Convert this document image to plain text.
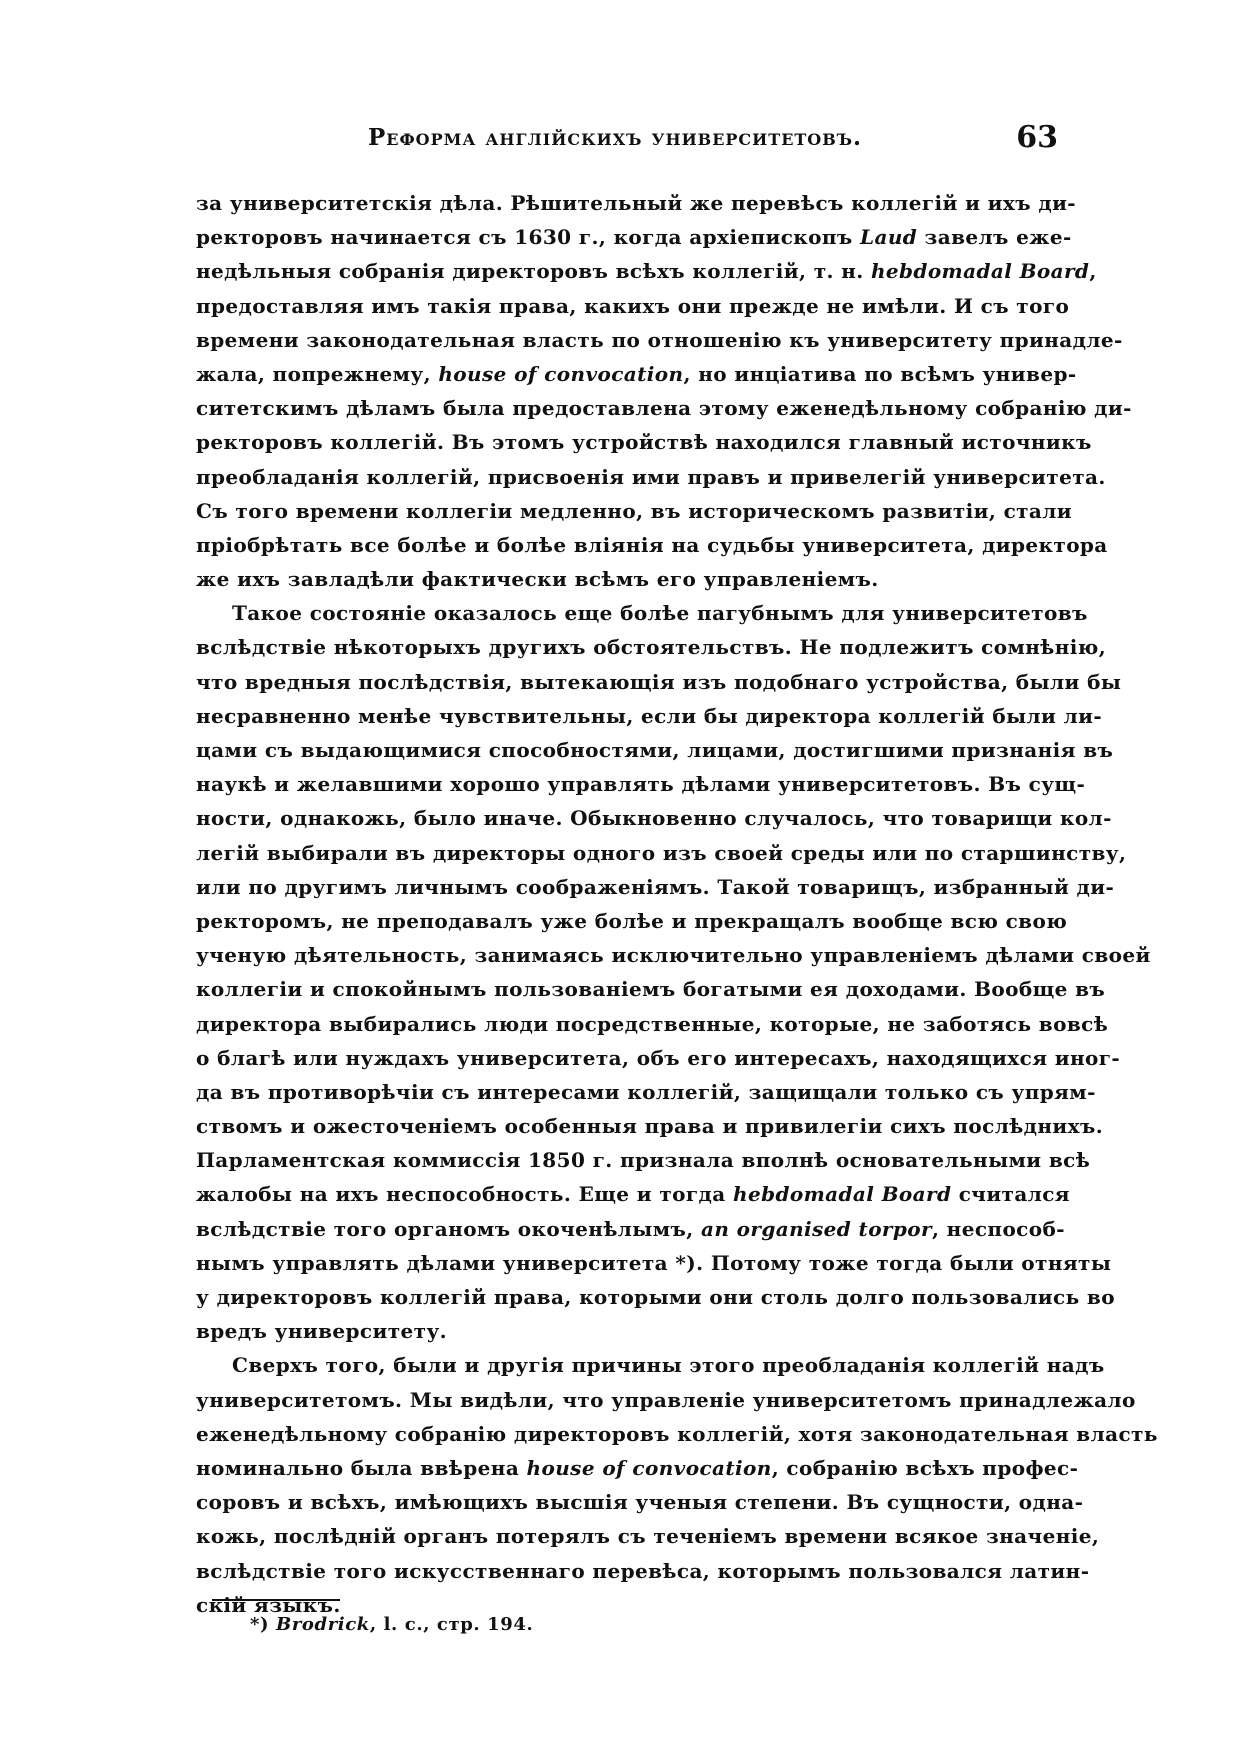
Реформа англійскихъ университетовъ.	63
за университетскія дѣла. Рѣшительный же перевѣсъ коллегій и ихъ ди-
ректоровъ начинается съ 1630 г., когда архіепископъ Laud завелъ еже-
недѣльныя собранія директоровъ всѣхъ коллегій, т. н. hebdomadal Board,
предоставляя имъ такія права, какихъ они прежде не имѣли. И съ того
времени законодательная власть по отношенію къ университету принадле-
жала, попрежнему, house of convocation, но инціатива по всѣмъ универ-
ситетскимъ дѣламъ была предоставлена этому еженедѣльному собранію ди-
ректоровъ коллегій. Въ этомъ устройствѣ находился главный источникъ
преобладанія коллегій, присвоенія ими правъ и привелегій университета.
Съ того времени коллегіи медленно, въ историческомъ развитіи, стали
пріобрѣтать все болѣе и болѣе вліянія на судьбы университета, директора
же ихъ завладѣли фактически всѣмъ его управленіемъ.
Такое состояніе оказалось еще болѣе пагубнымъ для университетовъ
вслѣдствіе нѣкоторыхъ другихъ обстоятельствъ. Не подлежитъ сомнѣнію,
что вредныя послѣдствія, вытекающія изъ подобнаго устройства, были бы
несравненно менѣе чувствительны, если бы директора коллегій были ли-
цами съ выдающимися способностями, лицами, достигшими признанія въ
наукѣ и желавшими хорошо управлять дѣлами университетовъ. Въ сущ-
ности, однакожь, было иначе. Обыкновенно случалось, что товарищи кол-
легій выбирали въ директоры одного изъ своей среды или по старшинству,
или по другимъ личнымъ соображеніямъ. Такой товарищъ, избранный ди-
ректоромъ, не преподавалъ уже болѣе и прекращалъ вообще всю свою
ученую дѣятельность, занимаясь исключительно управленіемъ дѣлами своей
коллегіи и спокойнымъ пользованіемъ богатыми ея доходами. Вообще въ
директора выбирались люди посредственные, которые, не заботясь вовсѣ
о благѣ или нуждахъ университета, объ его интересахъ, находящихся иног-
да въ противорѣчіи съ интересами коллегій, защищали только съ упрям-
ствомъ и ожесточеніемъ особенныя права и привилегіи сихъ послѣднихъ.
Парламентская коммиссія 1850 г. признала вполнѣ основательными всѣ
жалобы на ихъ неспособность. Еще и тогда hebdomadal Board считался
вслѣдствіе того органомъ окоченѣлымъ, an organised torpor, неспособ-
нымъ управлять дѣлами университета *). Потому тоже тогда были отняты
у директоровъ коллегій права, которыми они столь долго пользовались во
вредъ университету.
Сверхъ того, были и другія причины этого преобладанія коллегій надъ
университетомъ. Мы видѣли, что управленіе университетомъ принадлежало
еженедѣльному собранію директоровъ коллегій, хотя законодательная власть
номинально была ввѣрена house of convocation, собранію всѣхъ профес-
соровъ и всѣхъ, имѣющихъ высшія ученыя степени. Въ сущности, одна-
кожь, послѣдній органъ потерялъ съ теченіемъ времени всякое значеніе,
вслѣдствіе того искусственнаго перевѣса, которымъ пользовался латин-
скій языкъ.
*) Brodrick, l. c., стр. 194.
